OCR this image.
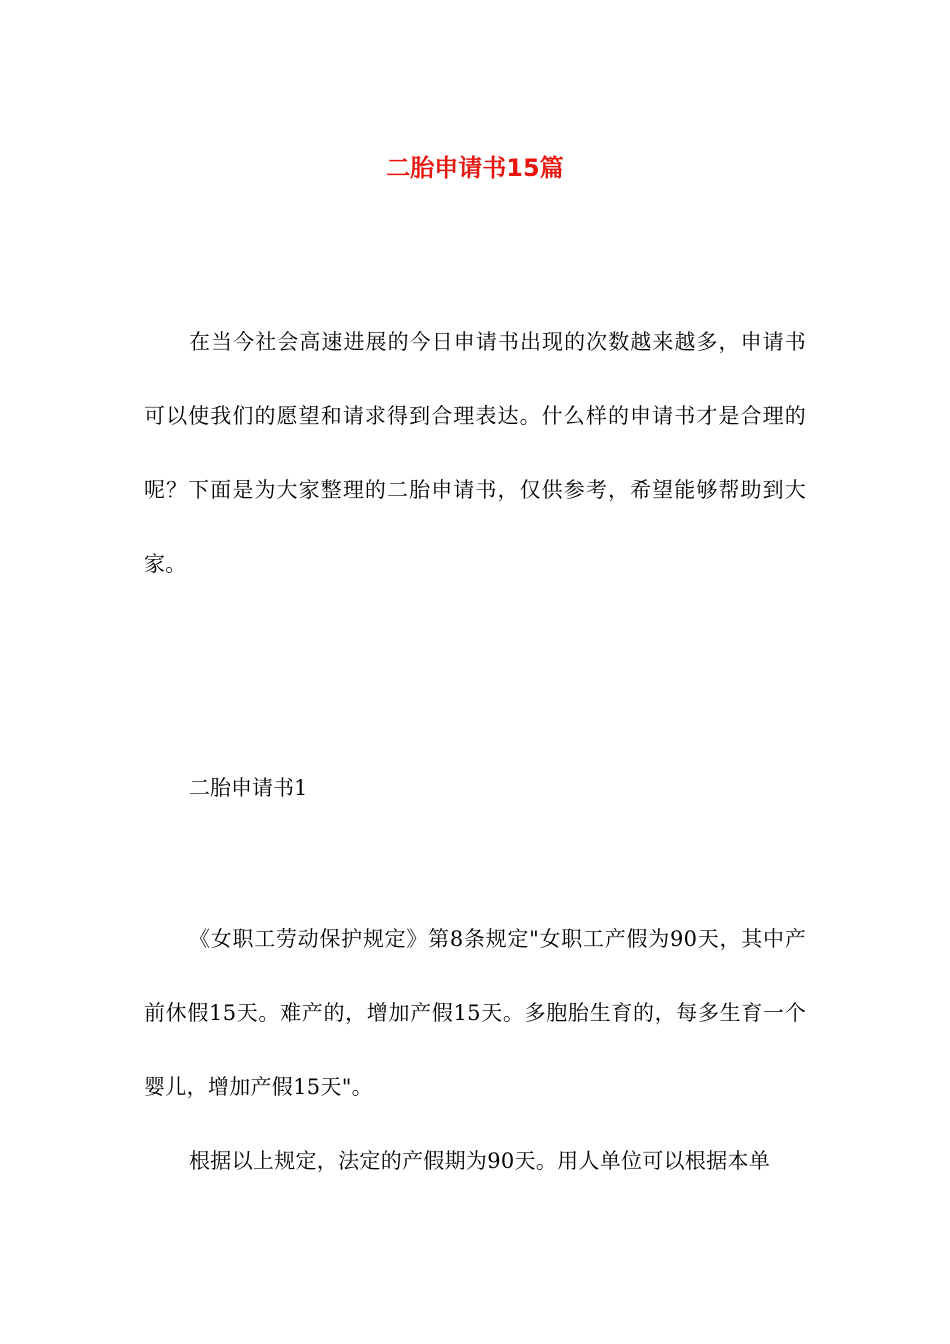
二胎申请书15篇

在当今社会高速进展的今日申请书出现的次数越来越多，申请书可以使我们的愿望和请求得到合理表达。什么样的申请书才是合理的呢？下面是为大家整理的二胎申请书，仅供参考，希望能够帮助到大家。

二胎申请书1

《女职工劳动保护规定》第8条规定"女职工产假为90天，其中产前休假15天。难产的，增加产假15天。多胞胎生育的，每多生育一个婴儿，增加产假15天"。

根据以上规定，法定的产假期为90天。用人单位可以根据本单
